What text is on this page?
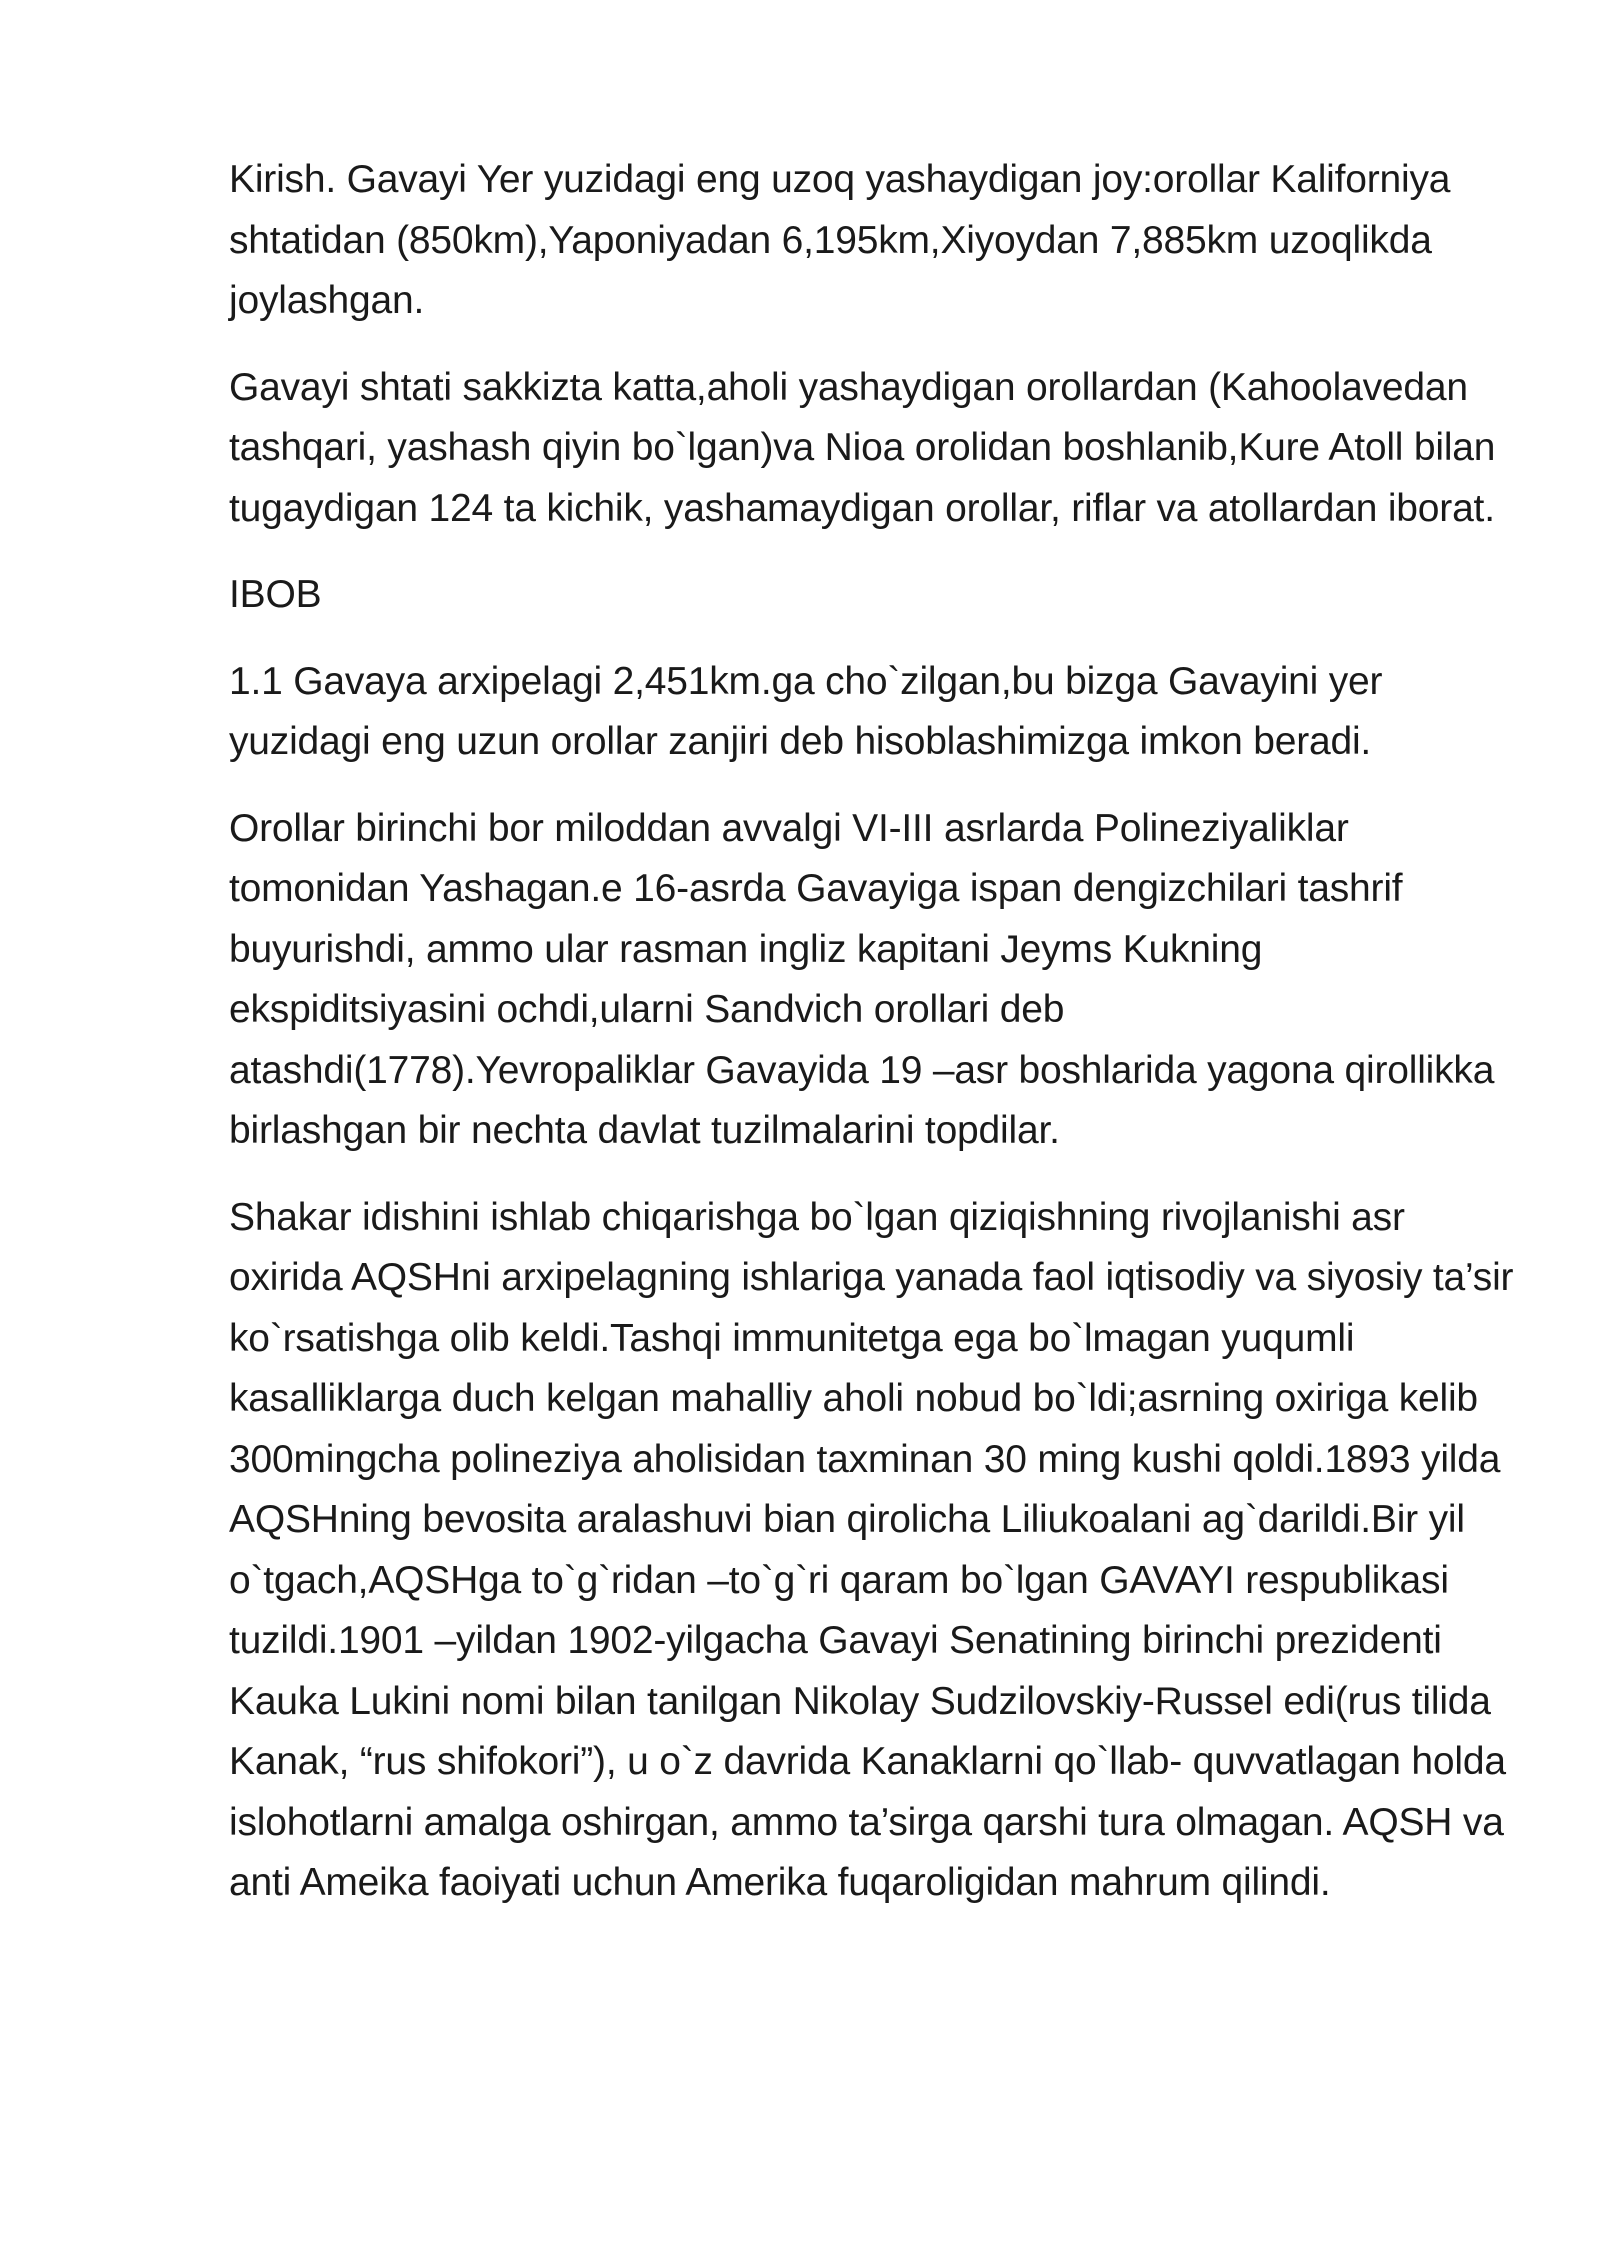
Kirish. Gavayi Yer yuzidagi eng uzoq yashaydigan joy:orollar Kaliforniya shtatidan (850km),Yaponiyadan 6,195km,Xiyoydan 7,885km uzoqlikda joylashgan.

Gavayi shtati sakkizta katta,aholi yashaydigan orollardan (Kahoolavedan tashqari, yashash qiyin bo`lgan)va Nioa orolidan boshlanib,Kure Atoll bilan tugaydigan 124 ta kichik, yashamaydigan orollar, riflar va atollardan iborat.

IBOB

1.1 Gavaya arxipelagi 2,451km.ga cho`zilgan,bu bizga Gavayini yer yuzidagi eng uzun orollar zanjiri deb hisoblashimizga imkon beradi.

Orollar birinchi bor miloddan avvalgi VI-III asrlarda Polineziyaliklar tomonidan Yashagan.e 16-asrda Gavayiga ispan dengizchilari tashrif buyurishdi, ammo ular rasman ingliz kapitani Jeyms Kukning ekspiditsiyasini ochdi,ularni Sandvich orollari deb atashdi(1778).Yevropaliklar Gavayida 19 –asr boshlarida yagona qirollikka birlashgan bir nechta davlat tuzilmalarini topdilar.

Shakar idishini ishlab chiqarishga bo`lgan qiziqishning rivojlanishi asr oxirida AQSHni arxipelagning ishlariga yanada faol iqtisodiy va siyosiy ta’sir ko`rsatishga olib keldi.Tashqi immunitetga ega bo`lmagan yuqumli kasalliklarga duch kelgan mahalliy aholi nobud bo`ldi;asrning oxiriga kelib 300mingcha polineziya aholisidan taxminan 30 ming kushi qoldi.1893 yilda AQSHning bevosita aralashuvi bian qirolicha Liliukoalani ag`darildi.Bir yil o`tgach,AQSHga to`g`ridan –to`g`ri qaram bo`lgan GAVAYI respublikasi tuzildi.1901 –yildan 1902-yilgacha Gavayi Senatining birinchi prezidenti Kauka Lukini nomi bilan tanilgan Nikolay Sudzilovskiy-Russel edi(rus tilida Kanak, “rus shifokori”), u o`z davrida Kanaklarni qo`llab- quvvatlagan holda islohotlarni amalga oshirgan, ammo ta’sirga qarshi tura olmagan. AQSH va anti Ameika faoiyati uchun Amerika fuqaroligidan mahrum qilindi.
